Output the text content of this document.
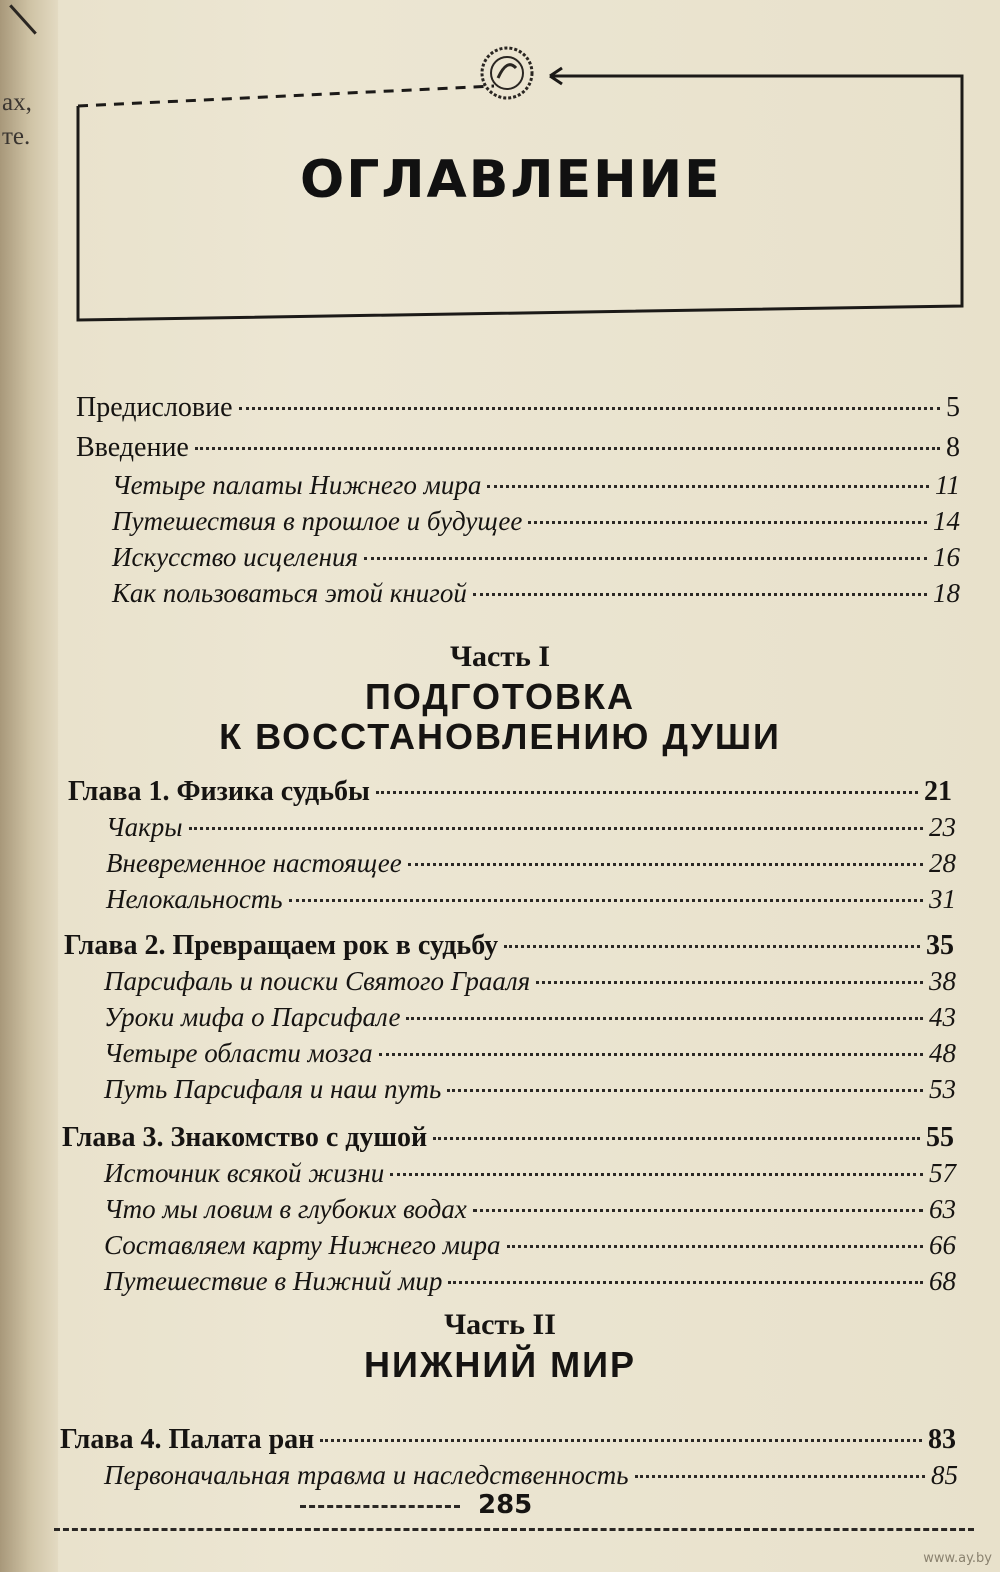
ах,
те.
ОГЛАВЛЕНИЕ
Предисловие	5
Введение	8
Четыре палаты Нижнего мира	11
Путешествия в прошлое и будущее	14
Искусство исцеления	16
Как пользоваться этой книгой	18
Часть I
ПОДГОТОВКА
К ВОССТАНОВЛЕНИЮ ДУШИ
Глава 1. Физика судьбы	21
Чакры	23
Вневременное настоящее	28
Нелокальность	31
Глава 2. Превращаем рок в судьбу	35
Парсифаль и поиски Святого Грааля	38
Уроки мифа о Парсифале	43
Четыре области мозга	48
Путь Парсифаля и наш путь	53
Глава 3. Знакомство с душой	55
Источник всякой жизни	57
Что мы ловим в глубоких водах	63
Составляем карту Нижнего мира	66
Путешествие в Нижний мир	68
Часть II
НИЖНИЙ МИР
Глава 4. Палата ран	83
Первоначальная травма и наследственность	85
285
www.ay.by
